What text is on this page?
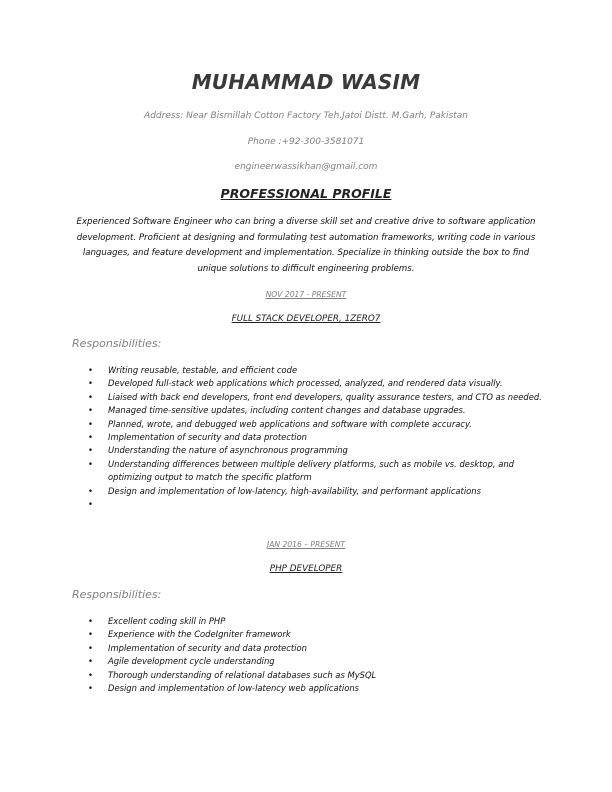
MUHAMMAD WASIM
Address: Near Bismillah Cotton Factory Teh.Jatoi Distt. M.Garh, Pakistan
Phone :+92-300-3581071
engineerwassikhan@gmail.com
PROFESSIONAL PROFILE
Experienced Software Engineer who can bring a diverse skill set and creative drive to software application development. Proficient at designing and formulating test automation frameworks, writing code in various languages, and feature development and implementation. Specialize in thinking outside the box to find unique solutions to difficult engineering problems.
NOV 2017 - PRESENT
FULL STACK DEVELOPER, 1ZERO7
Responsibilities:
• Writing reusable, testable, and efficient code
• Developed full-stack web applications which processed, analyzed, and rendered data visually.
• Liaised with back end developers, front end developers, quality assurance testers, and CTO as needed.
• Managed time-sensitive updates, including content changes and database upgrades.
• Planned, wrote, and debugged web applications and software with complete accuracy.
• Implementation of security and data protection
• Understanding the nature of asynchronous programming
• Understanding differences between multiple delivery platforms, such as mobile vs. desktop, and optimizing output to match the specific platform
• Design and implementation of low-latency, high-availability, and performant applications
•
JAN 2016 – PRESENT
PHP DEVELOPER
Responsibilities:
• Excellent coding skill in PHP
• Experience with the CodeIgniter framework
• Implementation of security and data protection
• Agile development cycle understanding
• Thorough understanding of relational databases such as MySQL
• Design and implementation of low-latency web applications
